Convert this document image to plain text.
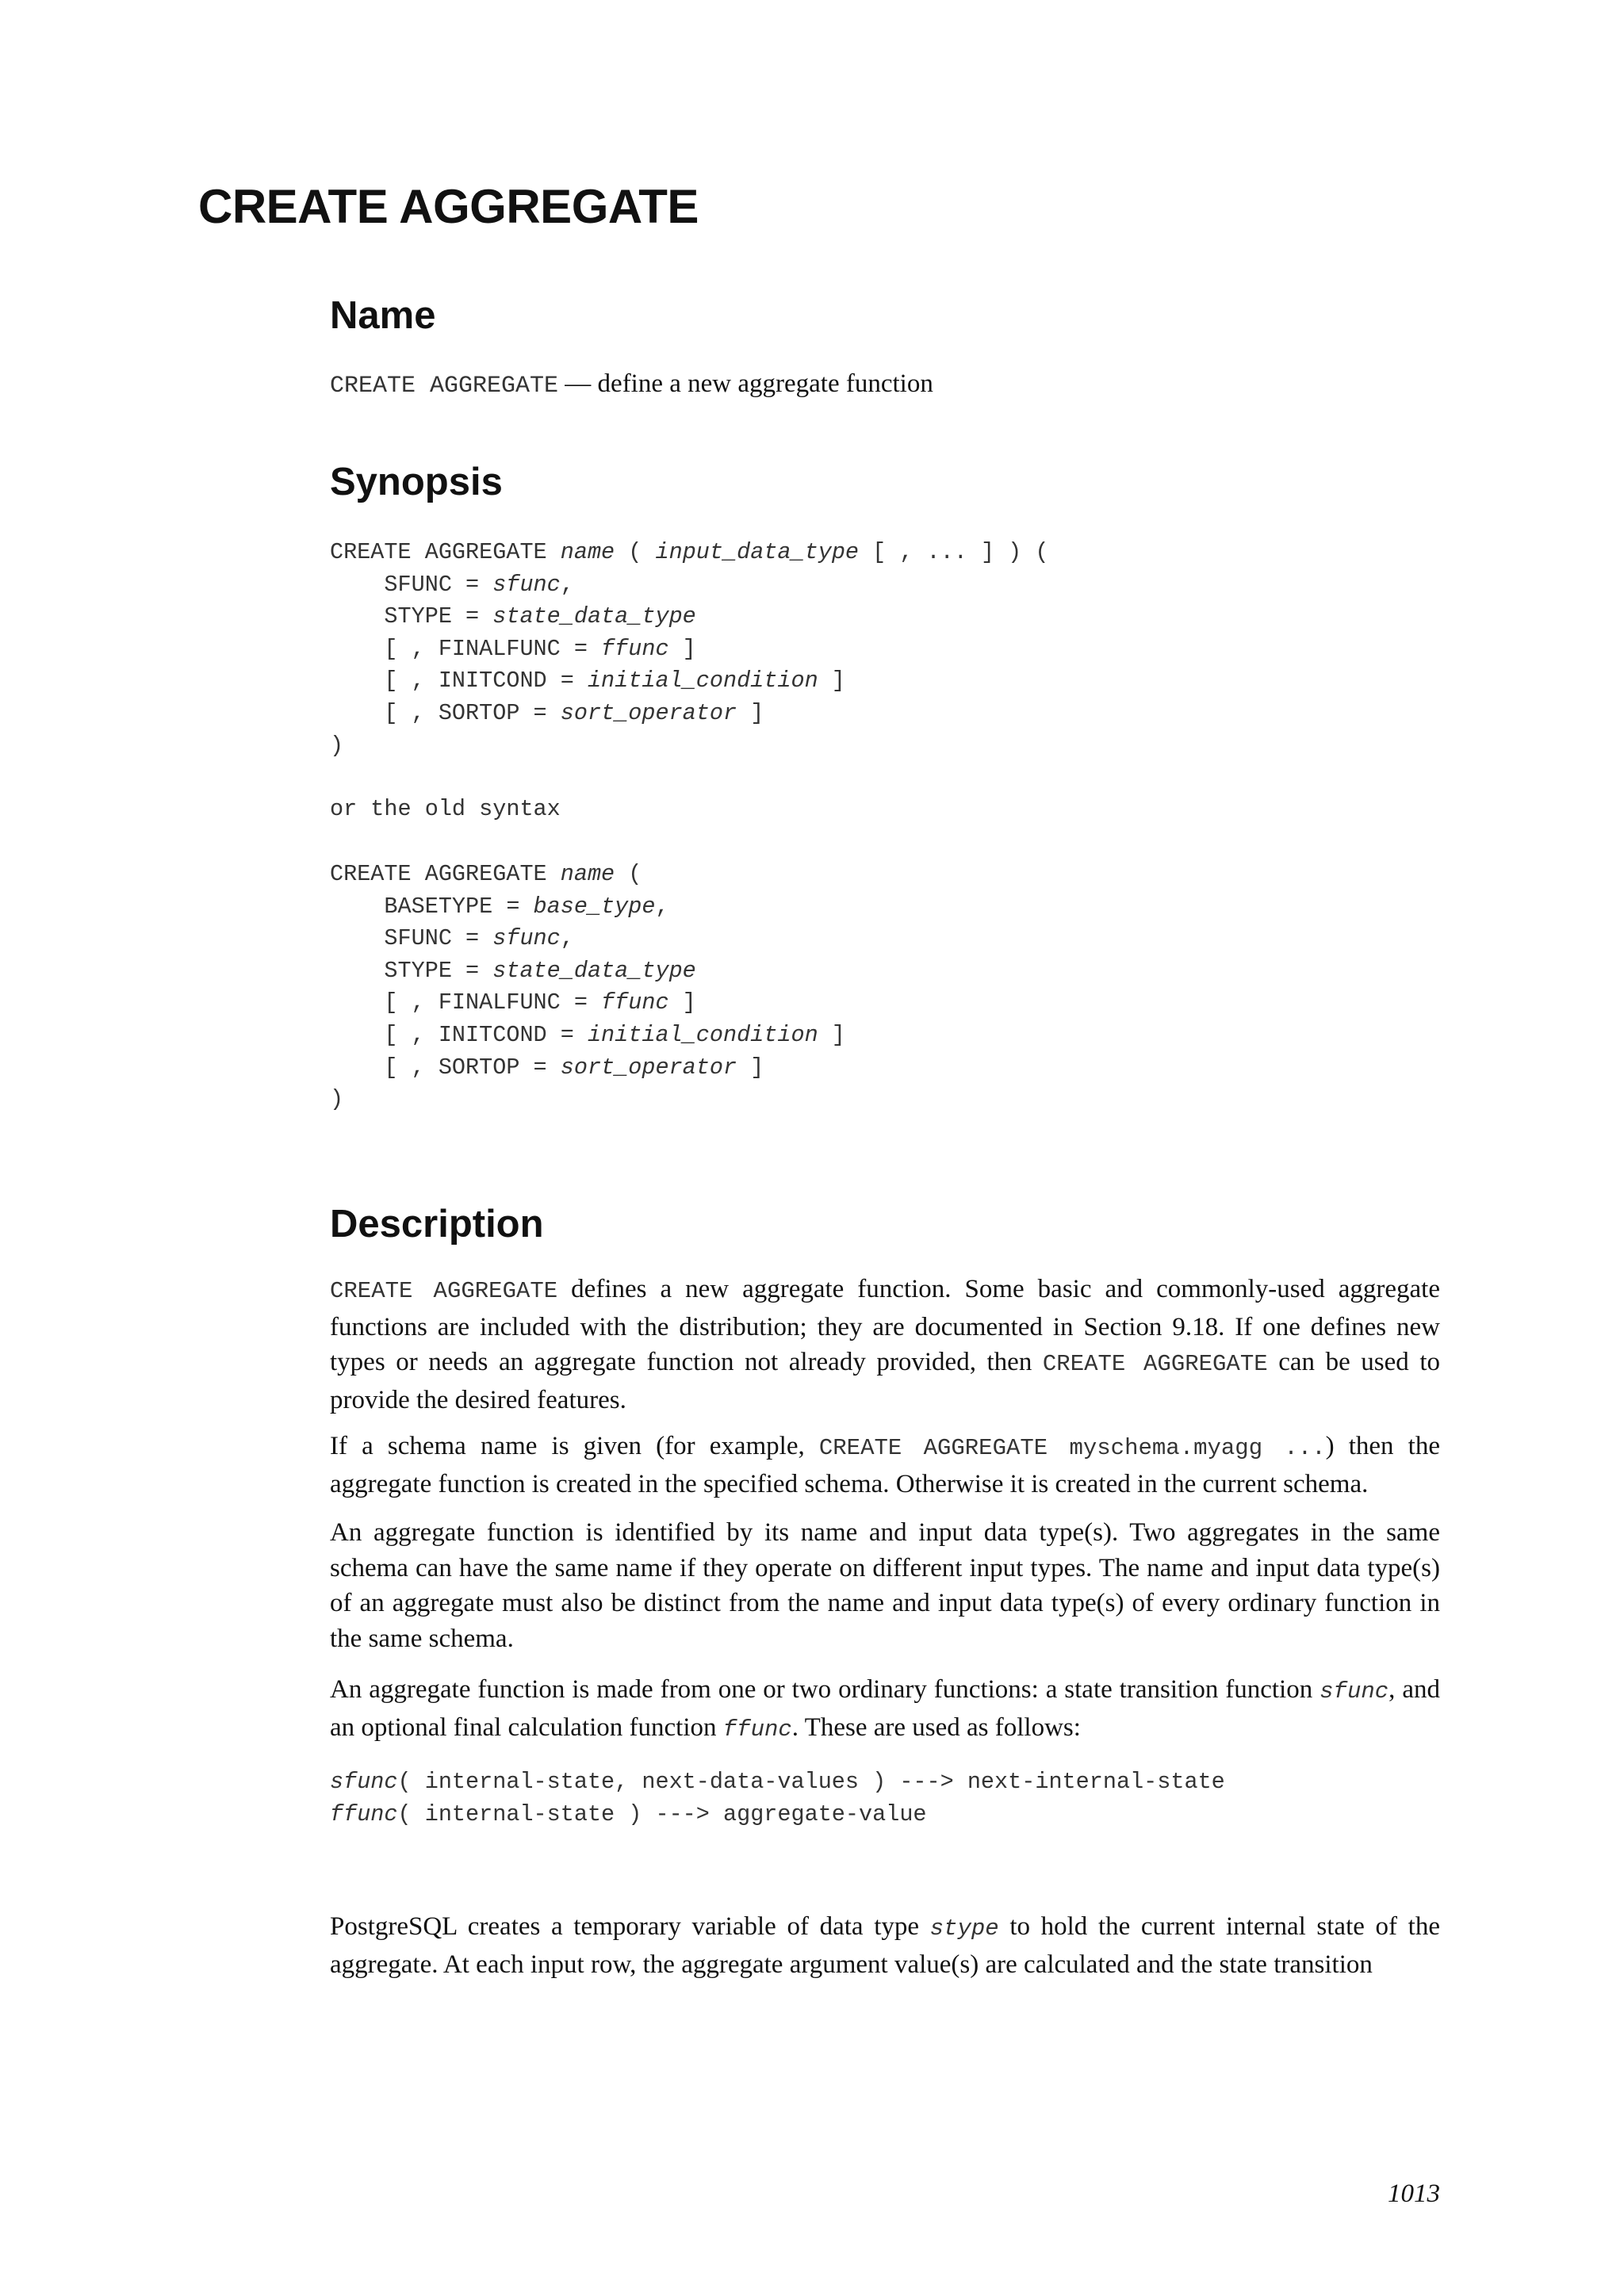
CREATE AGGREGATE
Name
CREATE AGGREGATE — define a new aggregate function
Synopsis
CREATE AGGREGATE name ( input_data_type [ , ... ] ) (
SFUNC = sfunc,
STYPE = state_data_type
[ , FINALFUNC = ffunc ]
[ , INITCOND = initial_condition ]
[ , SORTOP = sort_operator ]
)
or the old syntax
CREATE AGGREGATE name (
BASETYPE = base_type,
SFUNC = sfunc,
STYPE = state_data_type
[ , FINALFUNC = ffunc ]
[ , INITCOND = initial_condition ]
[ , SORTOP = sort_operator ]
)
Description

CREATE AGGREGATE defines a new aggregate function. Some basic and commonly-used aggregate functions are included with the distribution; they are documented in Section 9.18. If one defines new types or needs an aggregate function not already provided, then CREATE AGGREGATE can be used to provide the desired features.

If a schema name is given (for example, CREATE AGGREGATE myschema.myagg ...) then the aggregate function is created in the specified schema. Otherwise it is created in the current schema.

An aggregate function is identified by its name and input data type(s). Two aggregates in the same schema can have the same name if they operate on different input types. The name and input data type(s) of an aggregate must also be distinct from the name and input data type(s) of every ordinary function in the same schema.

An aggregate function is made from one or two ordinary functions: a state transition function sfunc, and an optional final calculation function ffunc. These are used as follows:

sfunc( internal-state, next-data-values ) ---> next-internal-state
ffunc( internal-state ) ---> aggregate-value

PostgreSQL creates a temporary variable of data type stype to hold the current internal state of the aggregate. At each input row, the aggregate argument value(s) are calculated and the state transition

1013
